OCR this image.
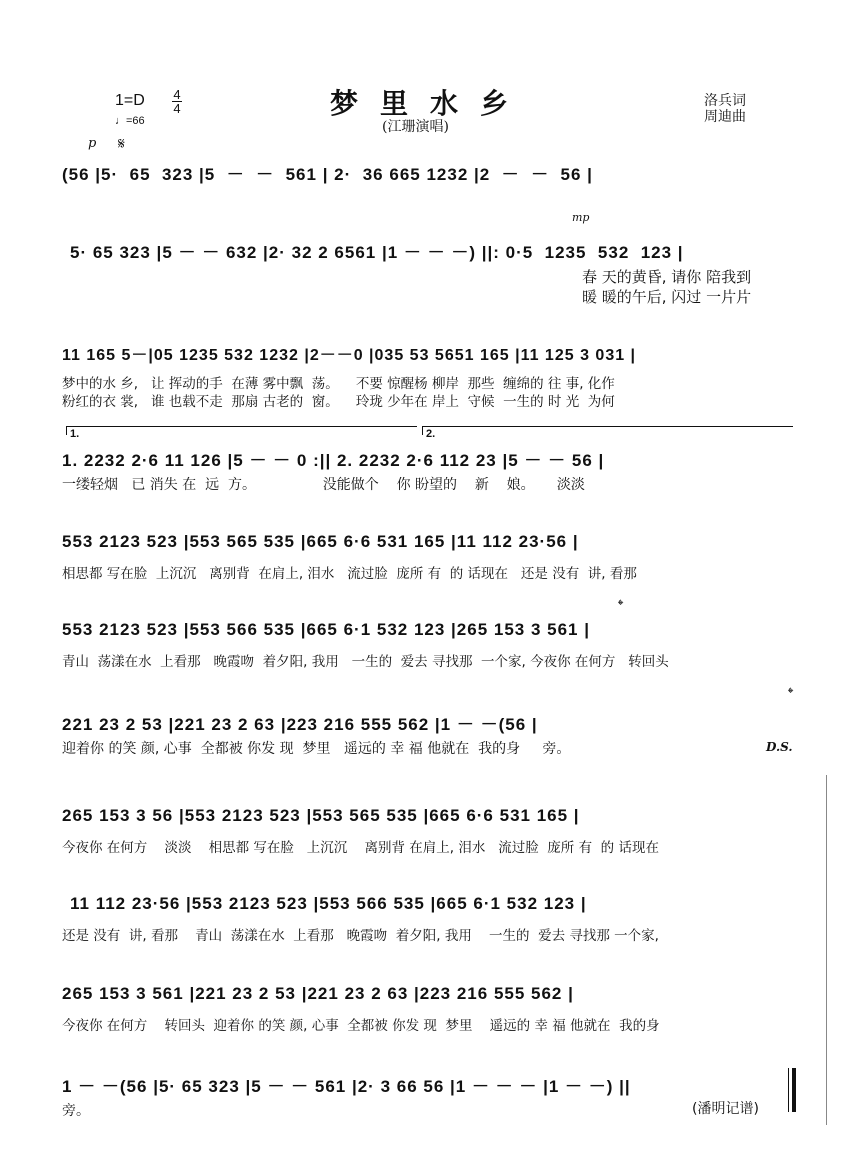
梦里水乡
(江珊演唱)
洛兵词
周迪曲
1=D 4
4
♩=66
p 𝄋
mp
𝄌
𝄌
D.S.
1.	2.
(56 |5·  65  323 |5  －  －  561 | 2·  36 665 1232 |2  －  －  56 |
5· 65 323 |5 － － 632 |2· 32 2 6561 |1 － － －) ||: 0·5  1235  532  123 |
春 天的黄昏, 请你 陪我到
暖 暖的午后, 闪过 一片片
11 165 5－|05 1235 532 1232 |2－－0 |035 53 5651 165 |11 125 3 031 |
梦中的水 乡,   让 挥动的手  在薄 雾中飘  荡。    不要 惊醒杨 柳岸  那些  缠绵的 往 事, 化作
粉红的衣 裳,   谁 也载不走  那扇 古老的  窗。    玲珑 少年在 岸上  守候  一生的 时 光  为何
1. 2232 2·6 11 126 |5 － － 0 :|| 2. 2232 2·6 112 23 |5 － － 56 |
一缕轻烟   已 消失 在  远  方。               没能做个    你 盼望的    新    娘。     淡淡
553 2123 523 |553 565 535 |665 6·6 531 165 |11 112 23·56 |
相思都 写在脸  上沉沉   离别背  在肩上, 泪水   流过脸  庞所 有  的 话现在   还是 没有  讲, 看那
553 2123 523 |553 566 535 |665 6·1 532 123 |265 153 3 561 |
青山  荡漾在水  上看那   晚霞吻  着夕阳, 我用   一生的  爱去 寻找那  一个家, 今夜你 在何方   转回头
221 23 2 53 |221 23 2 63 |223 216 555 562 |1 － －(56 |
迎着你 的笑 颜, 心事  全都被 你发 现  梦里   遥远的 幸 福 他就在  我的身     旁。
265 153 3 56 |553 2123 523 |553 565 535 |665 6·6 531 165 |
今夜你 在何方    淡淡    相思都 写在脸   上沉沉    离别背 在肩上, 泪水   流过脸  庞所 有  的 话现在
11 112 23·56 |553 2123 523 |553 566 535 |665 6·1 532 123 |
还是 没有  讲, 看那    青山  荡漾在水  上看那   晚霞吻  着夕阳, 我用    一生的  爱去 寻找那 一个家,
265 153 3 561 |221 23 2 53 |221 23 2 63 |223 216 555 562 |
今夜你 在何方    转回头  迎着你 的笑 颜, 心事  全都被 你发 现  梦里    遥远的 幸 福 他就在  我的身
1 － －(56 |5· 65 323 |5 － － 561 |2· 3 66 56 |1 － － － |1 － －) ||
旁。	(潘明记谱)
